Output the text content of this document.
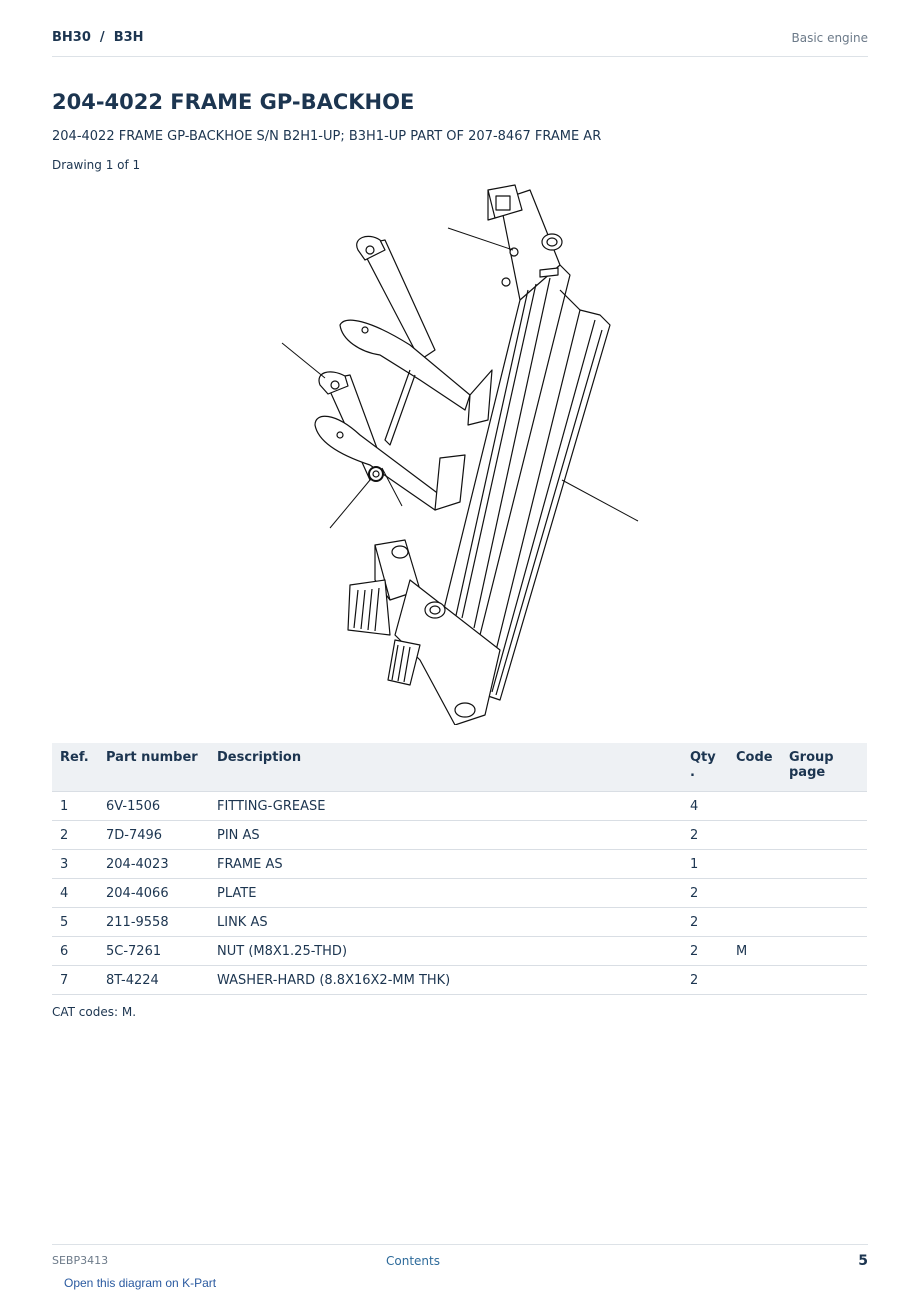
BH30  /  B3H	Basic engine
204-4022 FRAME GP-BACKHOE
204-4022 FRAME GP-BACKHOE S/N B2H1-UP; B3H1-UP PART OF 207-8467 FRAME AR
Drawing 1 of 1
Ref.	Part number	Description	Qty .	Code	Group page
1	6V-1506	FITTING-GREASE	4		
2	7D-7496	PIN AS	2		
3	204-4023	FRAME AS	1		
4	204-4066	PLATE	2		
5	211-9558	LINK AS	2		
6	5C-7261	NUT (M8X1.25-THD)	2	M	
7	8T-4224	WASHER-HARD (8.8X16X2-MM THK)	2		
CAT codes: M.
SEBP3413	Contents	5
Open this diagram on K-Part
